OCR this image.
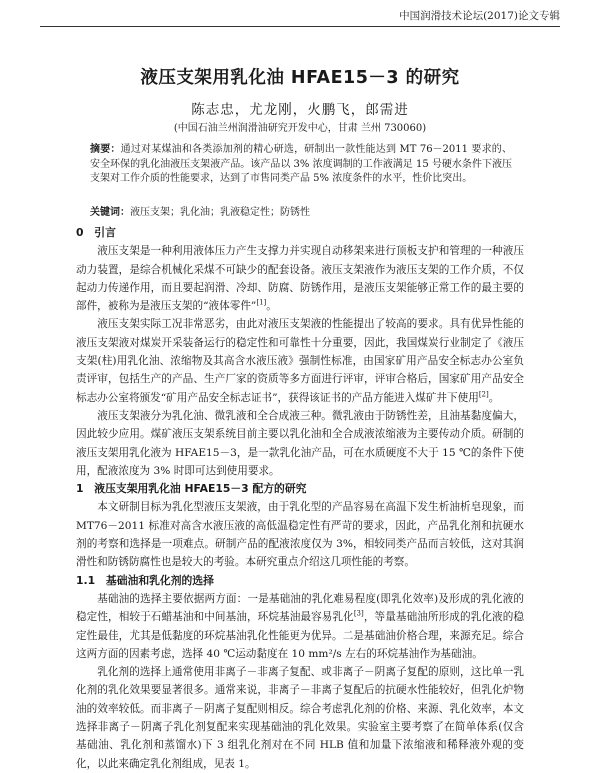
中国润滑技术论坛(2017)论文专辑
液压支架用乳化油 HFAE15－3 的研究
陈志忠，尤龙刚，火鹏飞，郎需进
(中国石油兰州润滑油研究开发中心，甘肃 兰州 730060)
摘要：通过对某煤油和各类添加剂的精心研选，研制出一款性能达到 MT 76－2011 要求的、安全环保的乳化油液压支架液产品。该产品以 3% 浓度调制的工作液满足 15 号硬水条件下液压支架对工作介质的性能要求，达到了市售同类产品 5% 浓度条件的水平，性价比突出。
关键词：液压支架；乳化油；乳液稳定性；防锈性
0　引言

液压支架是一种利用液体压力产生支撑力并实现自动移架来进行顶板支护和管理的一种液压动力装置，是综合机械化采煤不可缺少的配套设备。液压支架液作为液压支架的工作介质，不仅起动力传递作用，而且要起润滑、冷却、防腐、防锈作用，是液压支架能够正常工作的最主要的部件，被称为是液压支架的“液体零件”[1]。

液压支架实际工况非常恶劣，由此对液压支架液的性能提出了较高的要求。具有优异性能的液压支架液对煤炭开采装备运行的稳定性和可靠性十分重要，因此，我国煤炭行业制定了《液压支架(柱)用乳化油、浓缩物及其高含水液压液》强制性标准，由国家矿用产品安全标志办公室负责评审，包括生产的产品、生产厂家的资质等多方面进行评审，评审合格后，国家矿用产品安全标志办公室将颁发“矿用产品安全标志证书”，获得该证书的产品方能进入煤矿井下使用[2]。

液压支架液分为乳化油、微乳液和全合成液三种。微乳液由于防锈性差，且油基黏度偏大，因此较少应用。煤矿液压支架系统目前主要以乳化油和全合成液浓缩液为主要传动介质。研制的液压支架用乳化液为 HFAE15－3，是一款乳化油产品，可在水质硬度不大于 15 ℃的条件下使用，配液浓度为 3% 时即可达到使用要求。

1　液压支架用乳化油 HFAE15－3 配方的研究

本文研制目标为乳化型液压支架液，由于乳化型的产品容易在高温下发生析油析皂现象，而 MT76－2011 标准对高含水液压液的高低温稳定性有严苛的要求，因此，产品乳化剂和抗硬水剂的考察和选择是一项难点。研制产品的配液浓度仅为 3%，相较同类产品而言较低，这对其润滑性和防锈防腐性也是较大的考验。本研究重点介绍这几项性能的考察。

1.1　基础油和乳化剂的选择

基础油的选择主要依据两方面：一是基础油的乳化难易程度(即乳化效率)及形成的乳化液的稳定性，相较于石蜡基油和中间基油，环烷基油最容易乳化[3]，等量基础油所形成的乳化液的稳定性最佳，尤其是低黏度的环烷基油乳化性能更为优异。二是基础油价格合理，来源充足。综合这两方面的因素考虑，选择 40 ℃运动黏度在 10 mm²/s 左右的环烷基油作为基础油。

乳化剂的选择上通常使用非离子－非离子复配、或非离子－阴离子复配的原则，这比单一乳化剂的乳化效果要显著很多。通常来说，非离子－非离子复配后的抗硬水性能较好，但乳化炉物油的效率较低。而非离子－阴离子复配则相反。综合考虑乳化剂的价格、来源、乳化效率，本文选择非离子－阴离子乳化剂复配来实现基础油的乳化效果。实验室主要考察了在简单体系(仅含基础油、乳化剂和蒸馏水)下 3 组乳化剂对在不同 HLB 值和加量下浓缩液和稀释液外观的变化，以此来确定乳化剂组成，见表 1。
